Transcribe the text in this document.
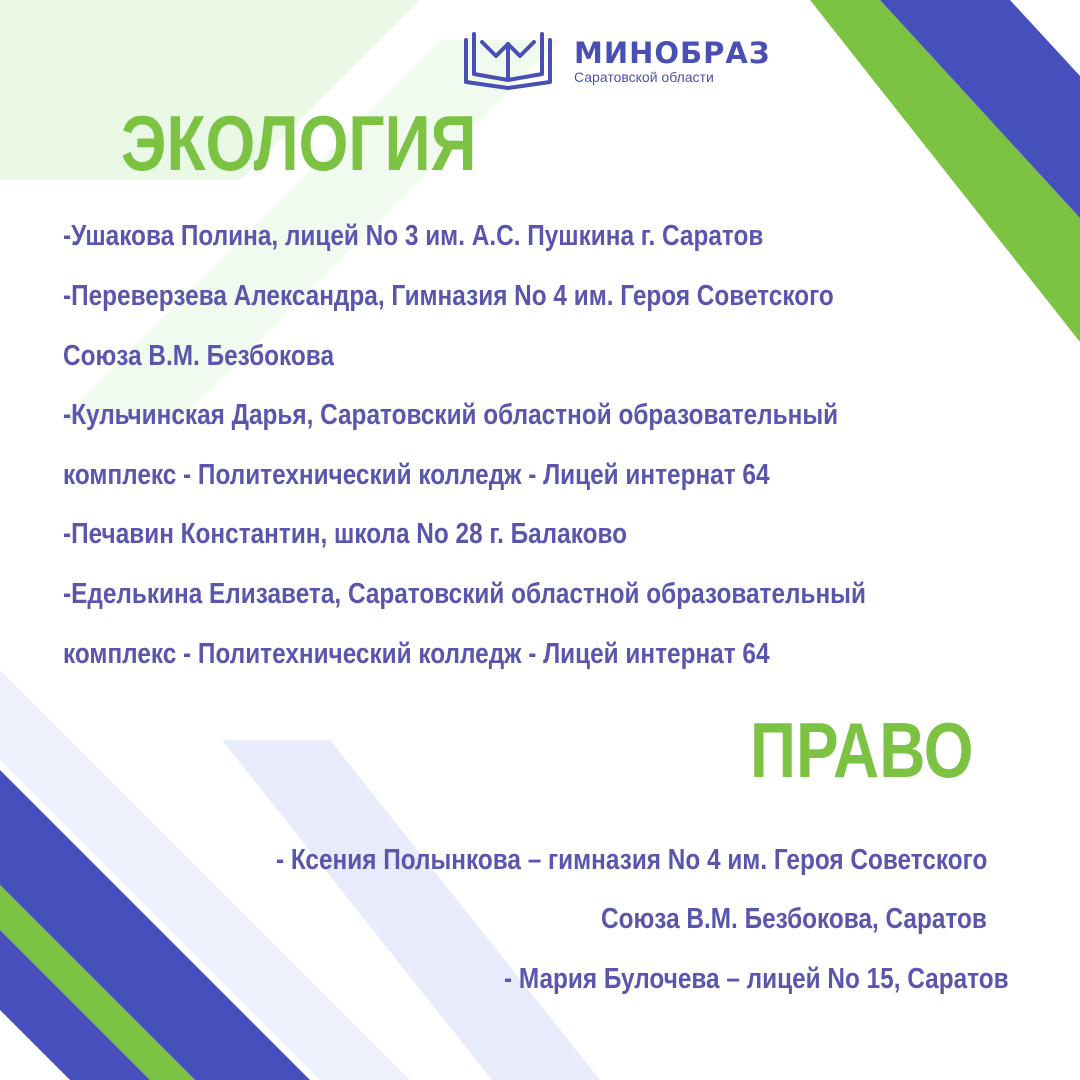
МИНОБРАЗ
Саратовской области
ЭКОЛОГИЯ
-Ушакова Полина, лицей No 3 им. А.С. Пушкина г. Саратов
-Переверзева Александра, Гимназия No 4 им. Героя Советского
Союза В.М. Безбокова
-Кульчинская Дарья, Саратовский областной образовательный
комплекс - Политехнический колледж - Лицей интернат 64
-Печавин Константин, школа No 28 г. Балаково
-Еделькина Елизавета, Саратовский областной образовательный
комплекс - Политехнический колледж - Лицей интернат 64
ПРАВО
- Ксения Полынкова – гимназия No 4 им. Героя Советского
Союза В.М. Безбокова, Саратов
- Мария Булочева – лицей No 15, Саратов
